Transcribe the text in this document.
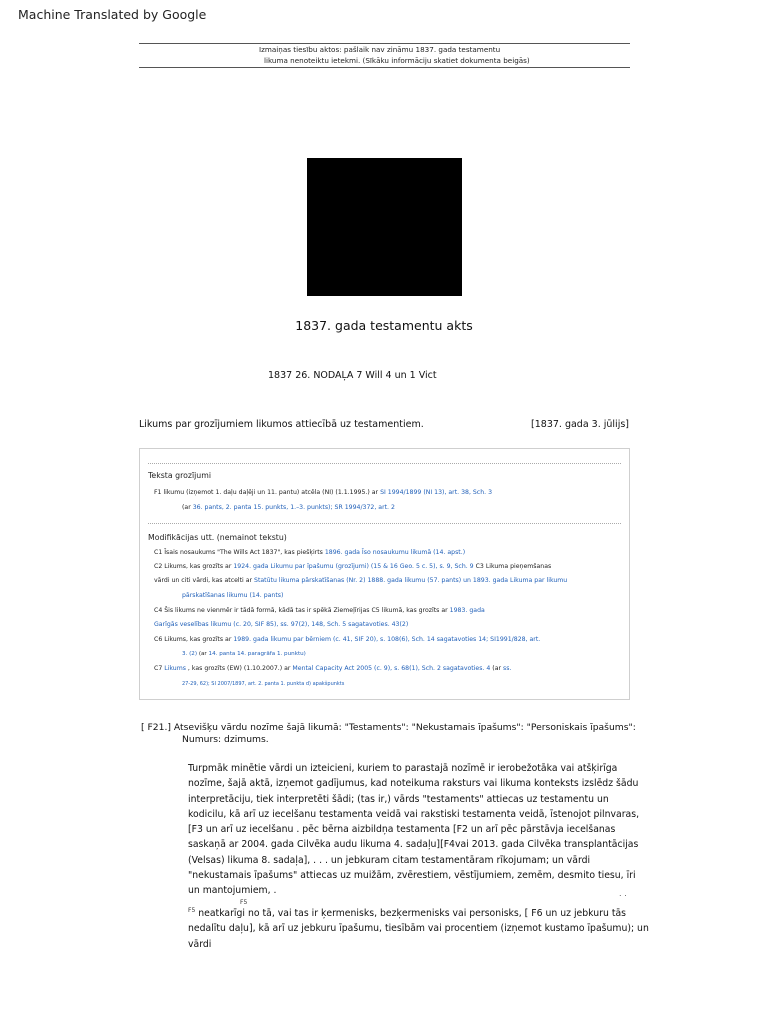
Machine Translated by Google
Izmaiņas tiesību aktos: pašlaik nav zināmu 1837. gada testamentu
likuma nenoteiktu ietekmi. (Sīkāku informāciju skatiet dokumenta beigās)
1837. gada testamentu akts
1837 26. NODAĻA 7 Will 4 un 1 Vict
Likums par grozījumiem likumos attiecībā uz testamentiem.	[1837. gada 3. jūlijs]
Teksta grozījumi
F1 likumu (izņemot 1. daļu daļēji un 11. pantu) atcēla (NI) (1.1.1995.) ar SI 1994/1899 (NI 13), art. 38, Sch. 3
(ar 36. pants, 2. panta 15. punkts, 1.–3. punkts); SR 1994/372, art. 2
Modifikācijas utt. (nemainot tekstu)
C1 Īsais nosaukums "The Wills Act 1837", kas piešķirts 1896. gada Īso nosaukumu likumā (14. apst.)
C2 Likums, kas grozīts ar 1924. gada Likumu par īpašumu (grozījumi) (15 & 16 Geo. 5 c. 5), s. 9, Sch. 9 C3 Likuma pieņemšanas
vārdi un citi vārdi, kas atcelti ar Statūtu likuma pārskatīšanas (Nr. 2) 1888. gada likumu (57. pants) un 1893. gada Likuma par likumu
pārskatīšanas likumu (14. pants)
C4 Šis likums ne vienmēr ir tādā formā, kādā tas ir spēkā Ziemeļīrijas C5 likumā, kas grozīts ar 1983. gada
Garīgās veselības likumu (c. 20, SIF 85), ss. 97(2), 148, Sch. 5 sagatavoties. 43(2)
C6 Likums, kas grozīts ar 1989. gada likumu par bērniem (c. 41, SIF 20), s. 108(6), Sch. 14 sagatavoties 14; SI1991/828, art.
3. (2) (ar 14. panta 14. paragrāfa 1. punktu)
C7 Likums , kas grozīts (EW) (1.10.2007.) ar Mental Capacity Act 2005 (c. 9), s. 68(1), Sch. 2 sagatavoties. 4 (ar ss.
27-29, 62); SI 2007/1897, art. 2. panta 1. punkta d) apakšpunkts
[ F21.] Atsevišķu vārdu nozīme šajā likumā: "Testaments": "Nekustamais īpašums": "Personiskais īpašums":
Numurs: dzimums.
Turpmāk minētie vārdi un izteicieni, kuriem to parastajā nozīmē ir ierobežotāka vai atšķirīga nozīme, šajā aktā, izņemot gadījumus, kad noteikuma raksturs vai likuma konteksts izslēdz šādu interpretāciju, tiek interpretēti šādi; (tas ir,) vārds "testaments" attiecas uz testamentu un kodicilu, kā arī uz iecelšanu testamenta veidā vai rakstiski testamenta veidā, īstenojot pilnvaras, [F3 un arī uz iecelšanu . pēc bērna aizbildņa testamenta [F2 un arī pēc pārstāvja iecelšanas saskaņā ar 2004. gada Cilvēka audu likuma 4. sadaļu][F4vai 2013. gada Cilvēka transplantācijas (Velsas) likuma 8. sadaļa], . . . un jebkuram citam testamentāram rīkojumam; un vārdi "nekustamais īpašums" attiecas uz muižām, zvērestiem, vēstījumiem, zemēm, desmito tiesu, īri un mantojumiem, .
F5
. .
$^{F5}$ neatkarīgi no tā, vai tas ir ķermenisks, bezķermenisks vai personisks, [ F6 un uz jebkuru tās nedalītu daļu], kā arī uz jebkuru īpašumu, tiesībām vai procentiem (izņemot kustamo īpašumu); un vārdi
